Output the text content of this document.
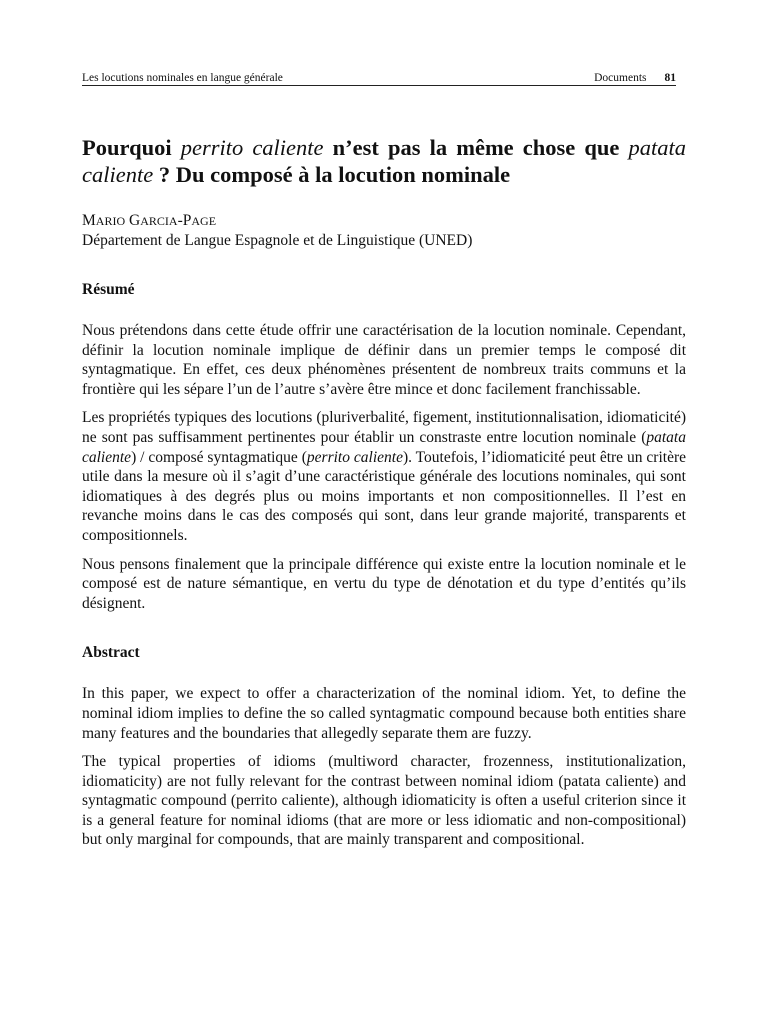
Les locutions nominales en langue générale	Documents 81
Pourquoi perrito caliente n’est pas la même chose que patata caliente ? Du composé à la locution nominale
MARIO GARCIA-PAGE
Département de Langue Espagnole et de Linguistique (UNED)
Résumé

Nous prétendons dans cette étude offrir une caractérisation de la locution nominale. Cependant, définir la locution nominale implique de définir dans un premier temps le composé dit syntagmatique. En effet, ces deux phénomènes présentent de nombreux traits communs et la frontière qui les sépare l’un de l’autre s’avère être mince et donc facilement franchissable.

Les propriétés typiques des locutions (pluriverbalité, figement, institutionnalisation, idiomaticité) ne sont pas suffisamment pertinentes pour établir un constraste entre locution nominale (patata caliente) / composé syntagmatique (perrito caliente). Toutefois, l’idiomaticité peut être un critère utile dans la mesure où il s’agit d’une caractéristique générale des locutions nominales, qui sont idiomatiques à des degrés plus ou moins importants et non compositionnelles. Il l’est en revanche moins dans le cas des composés qui sont, dans leur grande majorité, transparents et compositionnels.

Nous pensons finalement que la principale différence qui existe entre la locution nominale et le composé est de nature sémantique, en vertu du type de dénotation et du type d’entités qu’ils désignent.

Abstract

In this paper, we expect to offer a characterization of the nominal idiom. Yet, to define the nominal idiom implies to define the so called syntagmatic compound because both entities share many features and the boundaries that allegedly separate them are fuzzy.

The typical properties of idioms (multiword character, frozenness, institutionalization, idiomaticity) are not fully relevant for the contrast between nominal idiom (patata caliente) and syntagmatic compound (perrito caliente), although idiomaticity is often a useful criterion since it is a general feature for nominal idioms (that are more or less idiomatic and non-compositional) but only marginal for compounds, that are mainly transparent and compositional.
